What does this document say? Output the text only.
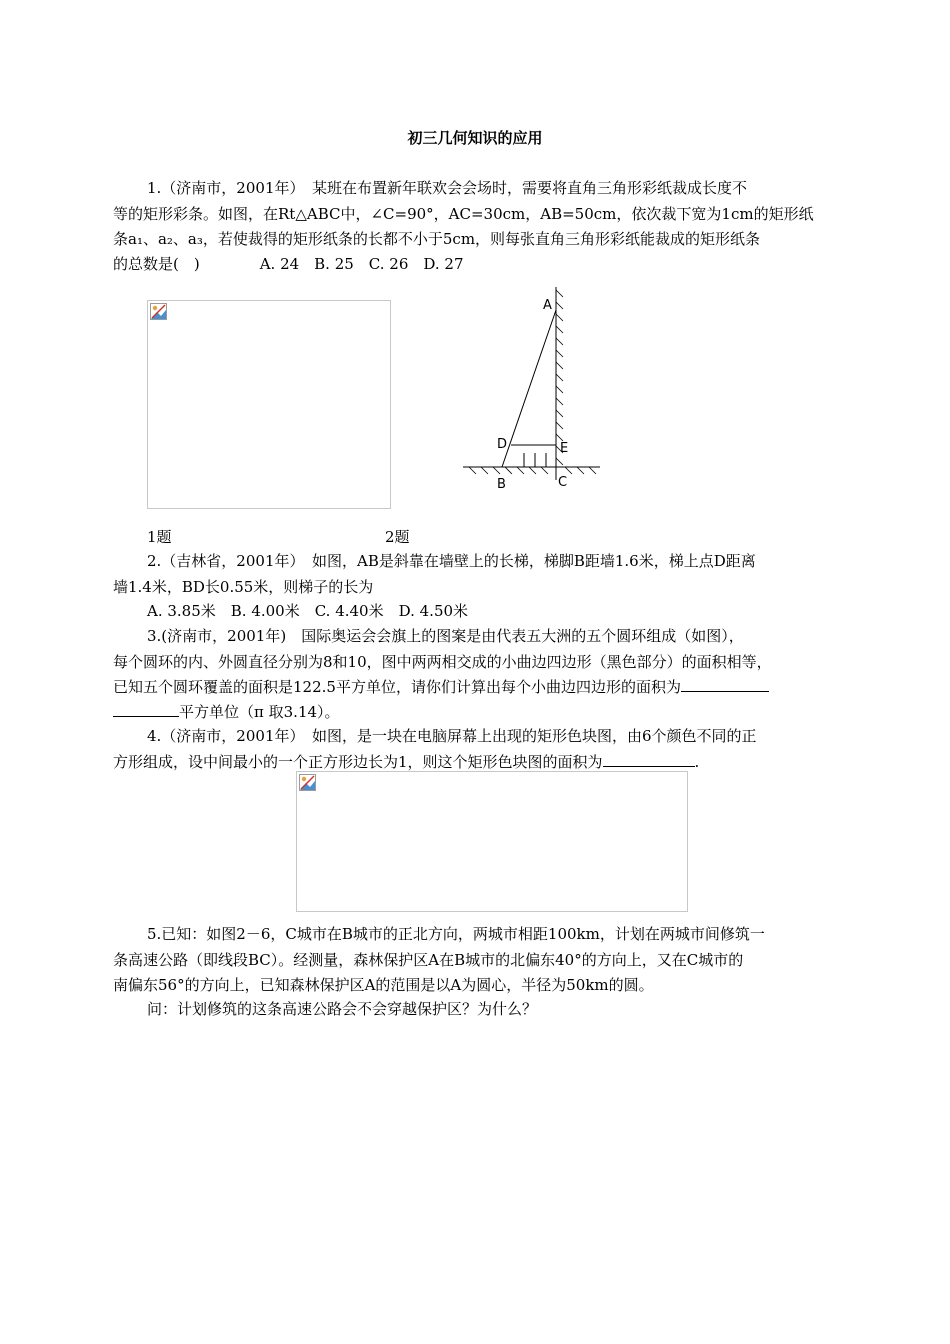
初三几何知识的应用
1.（济南市，2001年）　某班在布置新年联欢会会场时，需要将直角三角形彩纸裁成长度不
等的矩形彩条。如图，在Rt△ABC中，∠C=90°，AC=30cm，AB=50cm，依次裁下宽为1cm的矩形纸
条a₁、a₂、a₃，若使裁得的矩形纸条的长都不小于5cm，则每张直角三角形彩纸能裁成的矩形纸条
的总数是(　)　　　　A. 24　B. 25　C. 26　D. 27
A
D	E
B	C
1题	2题
2.（吉林省，2001年）　如图，AB是斜靠在墙壁上的长梯，梯脚B距墙1.6米，梯上点D距离
墙1.4米，BD长0.55米，则梯子的长为
A. 3.85米　B. 4.00米　C. 4.40米　D. 4.50米
3.(济南市，2001年)　国际奥运会会旗上的图案是由代表五大洲的五个圆环组成（如图），
每个圆环的内、外圆直径分别为8和10，图中两两相交成的小曲边四边形（黑色部分）的面积相等，
已知五个圆环覆盖的面积是122.5平方单位，请你们计算出每个小曲边四边形的面积为
平方单位（π 取3.14）。
4.（济南市，2001年）　如图，是一块在电脑屏幕上出现的矩形色块图，由6个颜色不同的正
方形组成，设中间最小的一个正方形边长为1，则这个矩形色块图的面积为	.
5.已知：如图2－6，C城市在B城市的正北方向，两城市相距100km，计划在两城市间修筑一
条高速公路（即线段BC）。经测量，森林保护区A在B城市的北偏东40°的方向上，又在C城市的
南偏东56°的方向上，已知森林保护区A的范围是以A为圆心，半径为50km的圆。
问：计划修筑的这条高速公路会不会穿越保护区？为什么？
